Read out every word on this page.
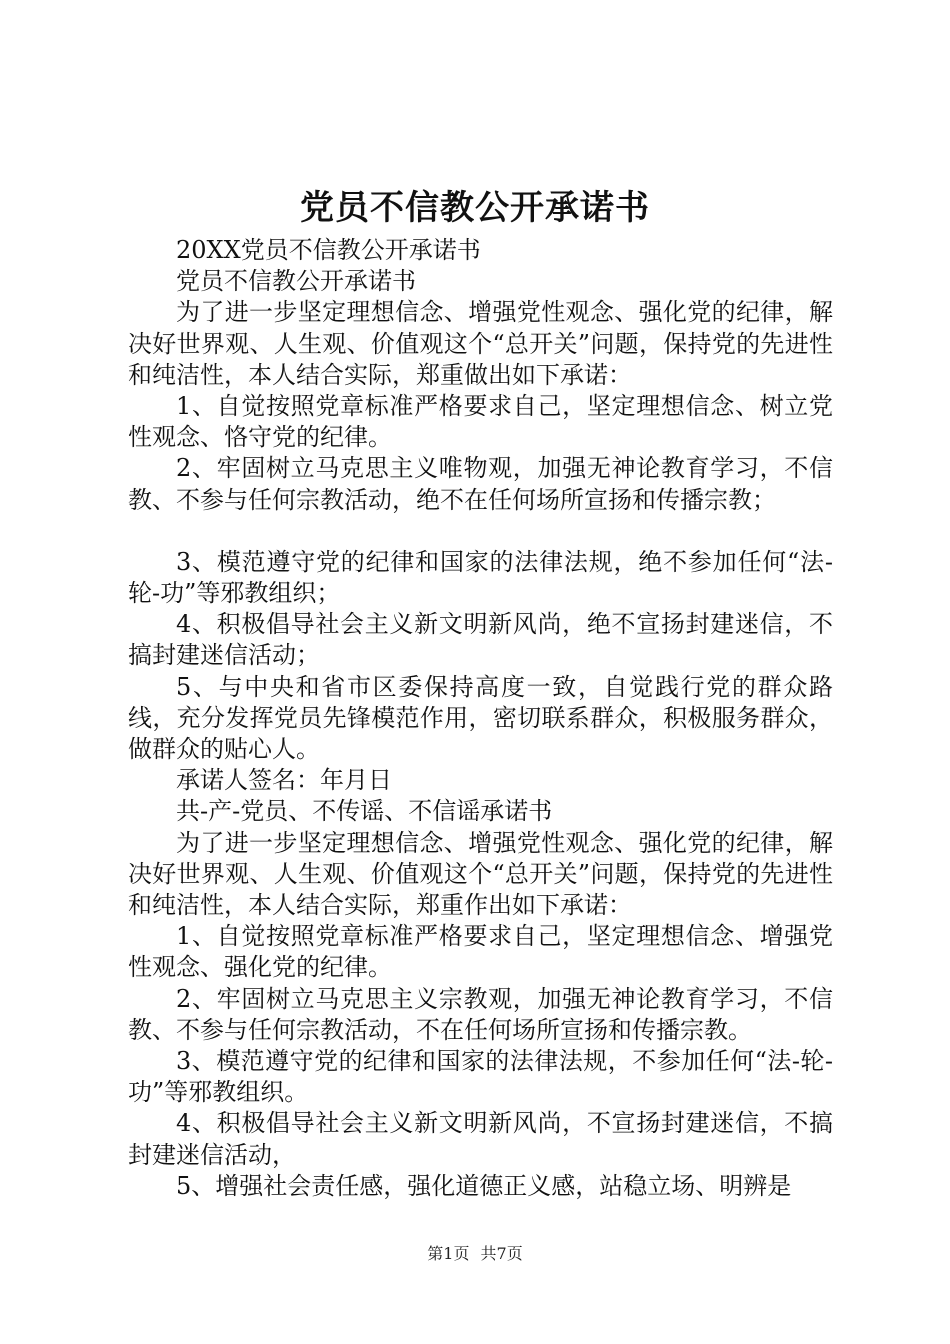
党员不信教公开承诺书

20XX党员不信教公开承诺书

党员不信教公开承诺书

为了进一步坚定理想信念、增强党性观念、强化党的纪律，解决好世界观、人生观、价值观这个“总开关”问题，保持党的先进性和纯洁性，本人结合实际，郑重做出如下承诺：

1、自觉按照党章标准严格要求自己，坚定理想信念、树立党性观念、恪守党的纪律。

2、牢固树立马克思主义唯物观，加强无神论教育学习，不信教、不参与任何宗教活动，绝不在任何场所宣扬和传播宗教；

3、模范遵守党的纪律和国家的法律法规，绝不参加任何“法-轮-功”等邪教组织；

4、积极倡导社会主义新文明新风尚，绝不宣扬封建迷信，不搞封建迷信活动；

5、与中央和省市区委保持高度一致，自觉践行党的群众路线，充分发挥党员先锋模范作用，密切联系群众，积极服务群众，做群众的贴心人。

承诺人签名：年月日

共-产-党员、不传谣、不信谣承诺书

为了进一步坚定理想信念、增强党性观念、强化党的纪律，解决好世界观、人生观、价值观这个“总开关”问题，保持党的先进性和纯洁性，本人结合实际，郑重作出如下承诺：

1、自觉按照党章标准严格要求自己，坚定理想信念、增强党性观念、强化党的纪律。

2、牢固树立马克思主义宗教观，加强无神论教育学习，不信教、不参与任何宗教活动，不在任何场所宣扬和传播宗教。

3、模范遵守党的纪律和国家的法律法规，不参加任何“法-轮-功”等邪教组织。

4、积极倡导社会主义新文明新风尚，不宣扬封建迷信，不搞封建迷信活动，

5、增强社会责任感，强化道德正义感，站稳立场、明辨是

第1页 共7页
